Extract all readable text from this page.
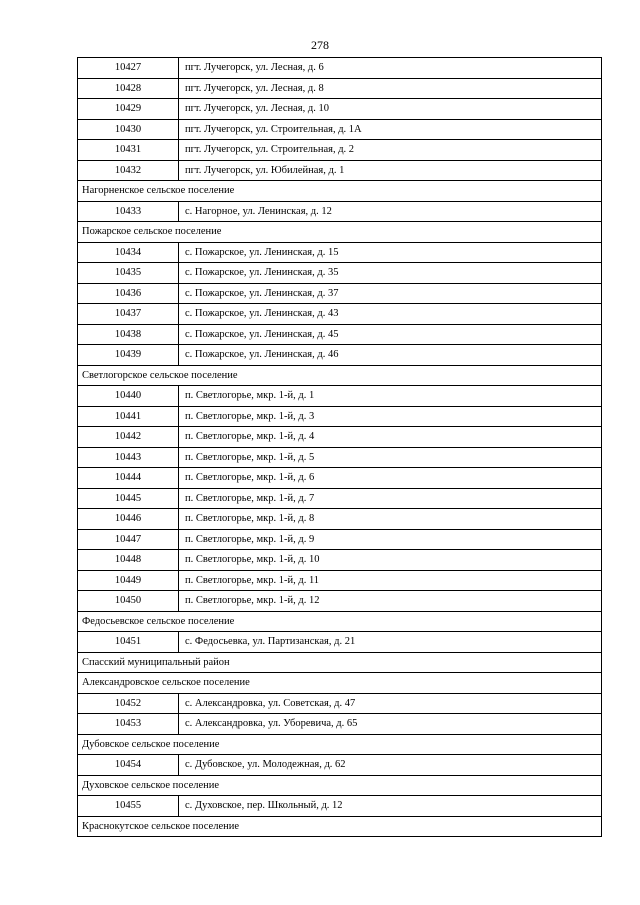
278
10427	пгт. Лучегорск, ул. Лесная, д. 6
10428	пгт. Лучегорск, ул. Лесная, д. 8
10429	пгт. Лучегорск, ул. Лесная, д. 10
10430	пгт. Лучегорск, ул. Строительная, д. 1А
10431	пгт. Лучегорск, ул. Строительная, д. 2
10432	пгт. Лучегорск, ул. Юбилейная, д. 1
Нагорненское сельское поселение	
10433	с. Нагорное, ул. Ленинская, д. 12
Пожарское сельское поселение	
10434	с. Пожарское, ул. Ленинская, д. 15
10435	с. Пожарское, ул. Ленинская, д. 35
10436	с. Пожарское, ул. Ленинская, д. 37
10437	с. Пожарское, ул. Ленинская, д. 43
10438	с. Пожарское, ул. Ленинская, д. 45
10439	с. Пожарское, ул. Ленинская, д. 46
Светлогорское сельское поселение	
10440	п. Светлогорье, мкр. 1-й, д. 1
10441	п. Светлогорье, мкр. 1-й, д. 3
10442	п. Светлогорье, мкр. 1-й, д. 4
10443	п. Светлогорье, мкр. 1-й, д. 5
10444	п. Светлогорье, мкр. 1-й, д. 6
10445	п. Светлогорье, мкр. 1-й, д. 7
10446	п. Светлогорье, мкр. 1-й, д. 8
10447	п. Светлогорье, мкр. 1-й, д. 9
10448	п. Светлогорье, мкр. 1-й, д. 10
10449	п. Светлогорье, мкр. 1-й, д. 11
10450	п. Светлогорье, мкр. 1-й, д. 12
Федосьевское сельское поселение	
10451	с. Федосьевка, ул. Партизанская, д. 21
Спасский муниципальный район	
Александровское сельское поселение	
10452	с. Александровка, ул. Советская, д. 47
10453	с. Александровка, ул. Уборевича, д. 65
Дубовское сельское поселение	
10454	с. Дубовское, ул. Молодежная, д. 62
Духовское сельское поселение	
10455	с. Духовское, пер. Школьный, д. 12
Краснокутское сельское поселение	
